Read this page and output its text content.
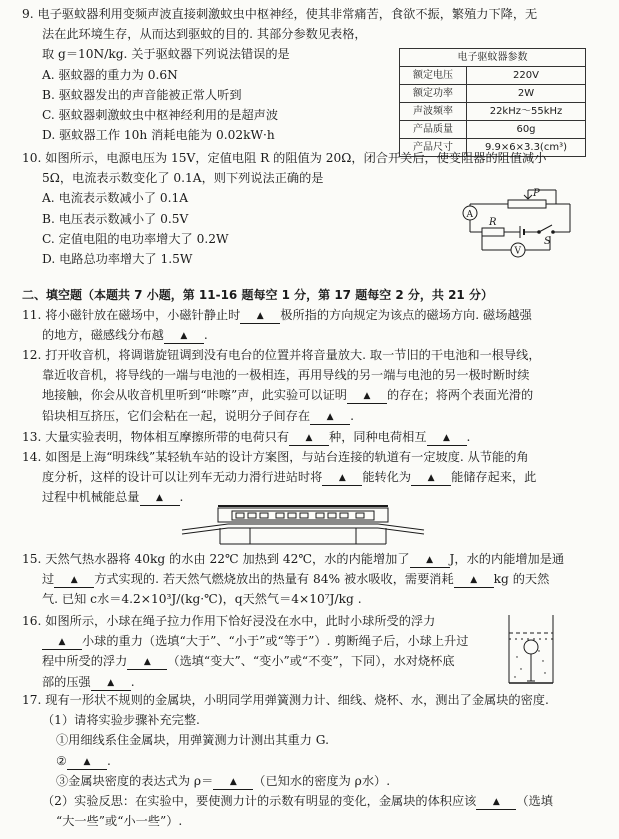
9. 电子驱蚊器利用变频声波直接刺激蚊虫中枢神经，使其非常痛苦，食欲不振，繁殖力下降，无
法在此环境生存，从而达到驱蚊的目的. 其部分参数见表格，
取 g＝10N/kg. 关于驱蚊器下列说法错误的是
A. 驱蚊器的重力为 0.6N
B. 驱蚊器发出的声音能被正常人听到
C. 驱蚊器刺激蚊虫中枢神经利用的是超声波
D. 驱蚊器工作 10h 消耗电能为 0.02kW·h
电子驱蚊器参数	
额定电压	220V
额定功率	2W
声波频率	22kHz～55kHz
产品质量	60g
产品尺寸	9.9×6×3.3(cm³)
10. 如图所示，电源电压为 15V，定值电阻 R 的阻值为 20Ω，闭合开关后，使变阻器的阻值减小
5Ω，电流表示数变化了 0.1A，则下列说法正确的是
A. 电流表示数减小了 0.1A
B. 电压表示数减小了 0.5V
C. 定值电阻的电功率增大了 0.2W
D. 电路总功率增大了 1.5W
P
A
R
S
V
二、填空题（本题共 7 小题，第 11-16 题每空 1 分，第 17 题每空 2 分，共 21 分）
11. 将小磁针放在磁场中，小磁针静止时 ▲ 极所指的方向规定为该点的磁场方向. 磁场越强
的地方，磁感线分布越 ▲ .
12. 打开收音机，将调谐旋钮调到没有电台的位置并将音量放大. 取一节旧的干电池和一根导线，
靠近收音机，将导线的一端与电池的一极相连，再用导线的另一端与电池的另一极时断时续
地接触，你会从收音机里听到“咔嚓”声，此实验可以证明 ▲ 的存在；将两个表面光滑的
铅块相互挤压，它们会粘在一起，说明分子间存在 ▲ .
13. 大量实验表明，物体相互摩擦所带的电荷只有 ▲ 种，同种电荷相互 ▲ .
14. 如图是上海“明珠线”某轻轨车站的设计方案图，与站台连接的轨道有一定坡度. 从节能的角
度分析，这样的设计可以让列车无动力滑行进站时将 ▲ 能转化为 ▲ 能储存起来，此
过程中机械能总量 ▲ .
15. 天然气热水器将 40kg 的水由 22℃ 加热到 42℃，水的内能增加了 ▲ J，水的内能增加是通
过 ▲ 方式实现的. 若天然气燃烧放出的热量有 84% 被水吸收，需要消耗 ▲ kg 的天然
气. 已知 c水＝4.2×10³J/(kg·℃)，q天然气＝4×10⁷J/kg .
16. 如图所示，小球在绳子拉力作用下恰好浸没在水中，此时小球所受的浮力
▲ 小球的重力（选填“大于”、“小于”或“等于”）. 剪断绳子后，小球上升过
程中所受的浮力 ▲ （选填“变大”、“变小”或“不变”，下同），水对烧杯底
部的压强 ▲ .
17. 现有一形状不规则的金属块，小明同学用弹簧测力计、细线、烧杯、水，测出了金属块的密度.
（1）请将实验步骤补充完整.
①用细线系住金属块，用弹簧测力计测出其重力 G.
② ▲ .
③金属块密度的表达式为 ρ＝ ▲ （已知水的密度为 ρ水）.
（2）实验反思：在实验中，要使测力计的示数有明显的变化，金属块的体积应该 ▲ （选填
“大一些”或“小一些”）.
